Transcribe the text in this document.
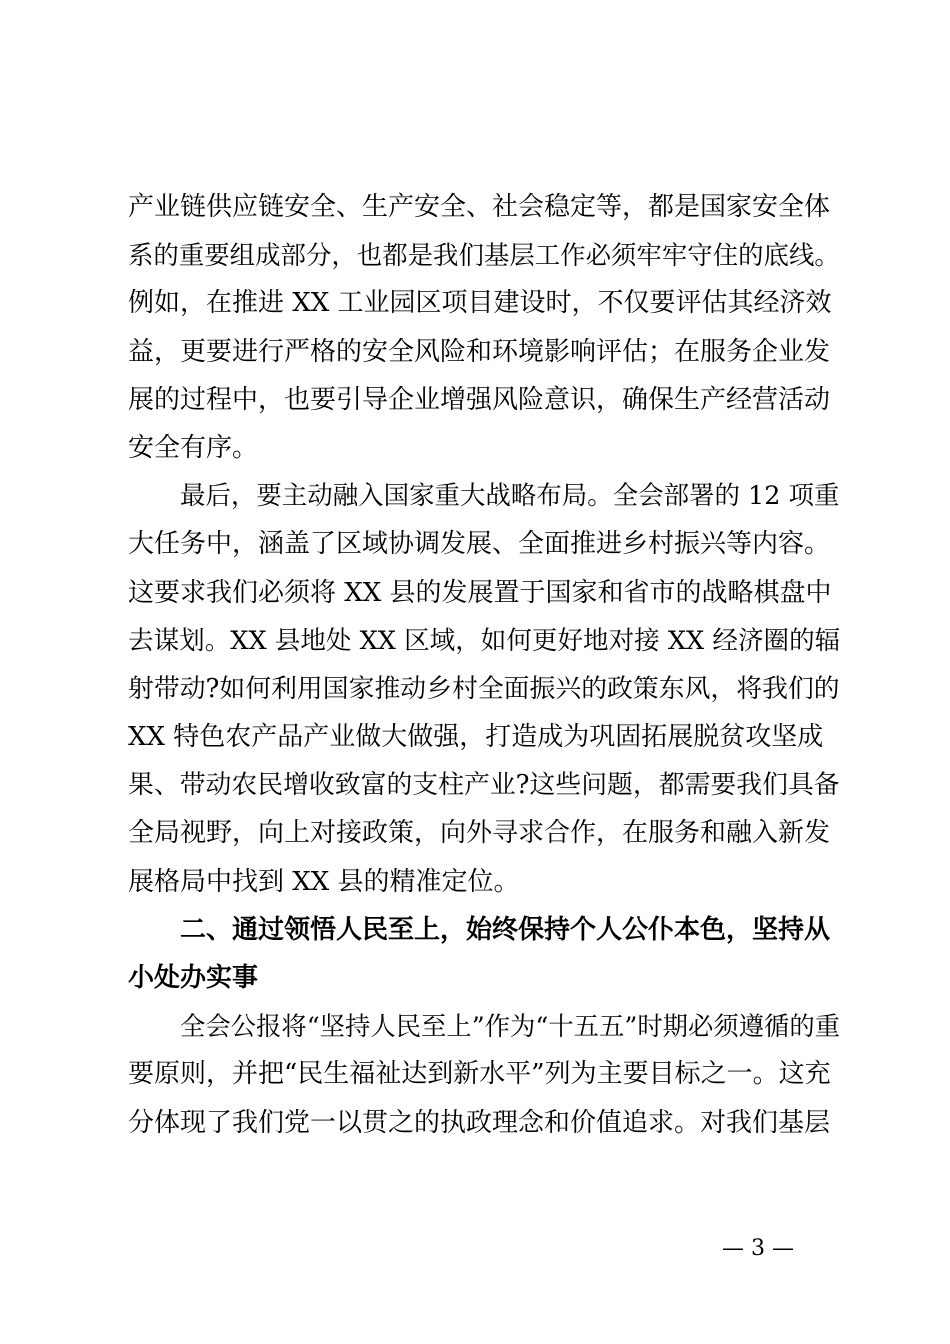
产业链供应链安全、生产安全、社会稳定等，都是国家安全体
系的重要组成部分，也都是我们基层工作必须牢牢守住的底线。
例如，在推进 XX 工业园区项目建设时，不仅要评估其经济效
益，更要进行严格的安全风险和环境影响评估；在服务企业发
展的过程中，也要引导企业增强风险意识，确保生产经营活动
安全有序。
最后，要主动融入国家重大战略布局。全会部署的 12 项重
大任务中，涵盖了区域协调发展、全面推进乡村振兴等内容。
这要求我们必须将 XX 县的发展置于国家和省市的战略棋盘中
去谋划。XX 县地处 XX 区域，如何更好地对接 XX 经济圈的辐
射带动?如何利用国家推动乡村全面振兴的政策东风，将我们的
XX 特色农产品产业做大做强，打造成为巩固拓展脱贫攻坚成
果、带动农民增收致富的支柱产业?这些问题，都需要我们具备
全局视野，向上对接政策，向外寻求合作，在服务和融入新发
展格局中找到 XX 县的精准定位。
二、通过领悟人民至上，始终保持个人公仆本色，坚持从
小处办实事
全会公报将“坚持人民至上”作为“十五五”时期必须遵循的重
要原则，并把“民生福祉达到新水平”列为主要目标之一。这充
分体现了我们党一以贯之的执政理念和价值追求。对我们基层
— 3 —
